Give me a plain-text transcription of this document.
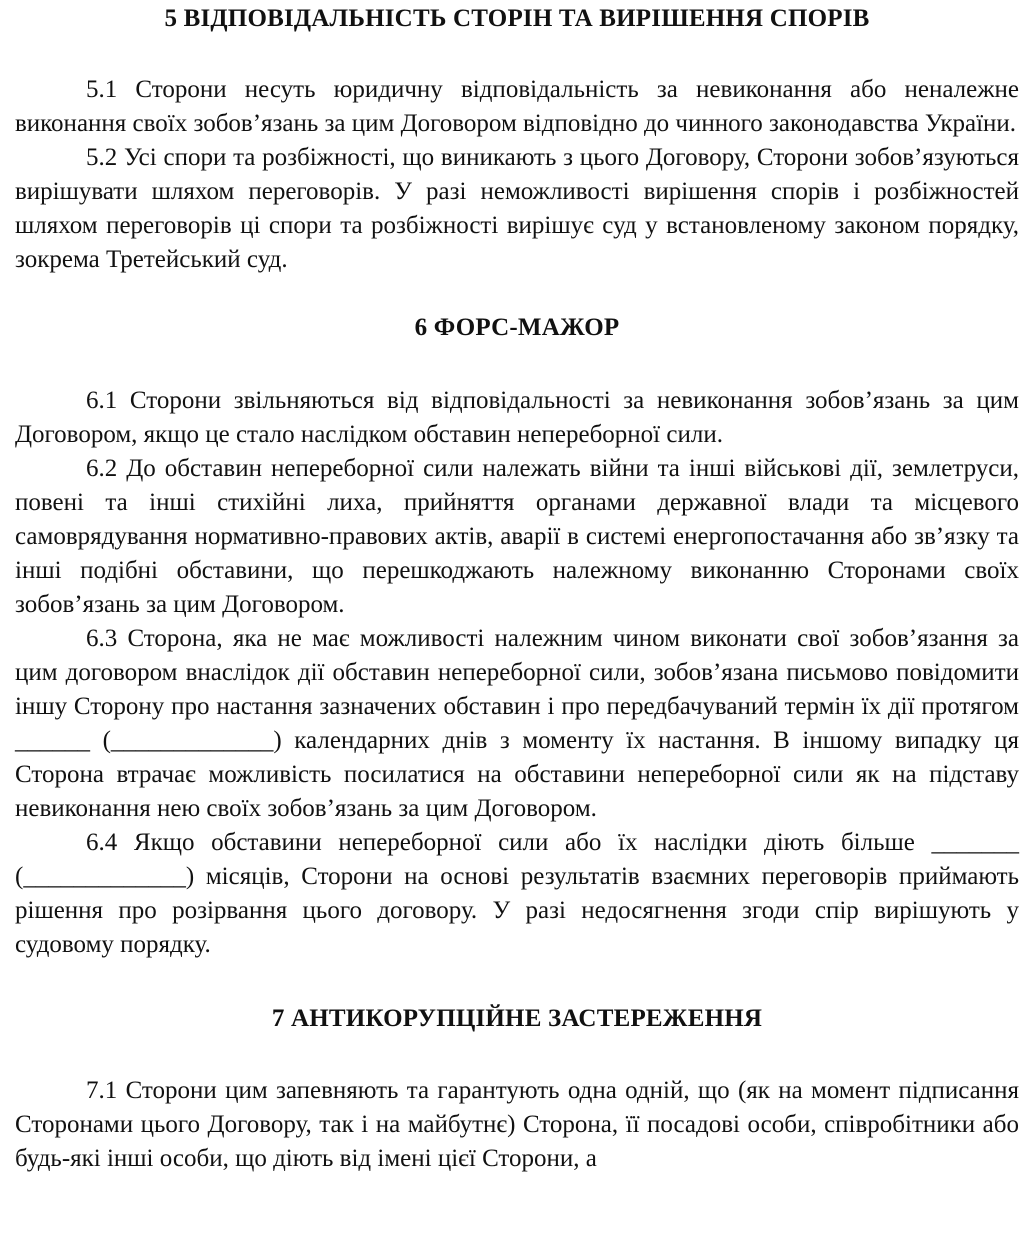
5 ВІДПОВІДАЛЬНІСТЬ СТОРІН ТА ВИРІШЕННЯ СПОРІВ

5.1 Сторони несуть юридичну відповідальність за невиконання або неналежне виконання своїх зобов’язань за цим Договором відповідно до чинного законодавства України.

5.2 Усі спори та розбіжності, що виникають з цього Договору, Сторони зобов’язуються вирішувати шляхом переговорів. У разі неможливості вирішення спорів і розбіжностей шляхом переговорів ці спори та розбіжності вирішує суд у встановленому законом порядку, зокрема Третейський суд.

6 ФОРС-МАЖОР

6.1 Сторони звільняються від відповідальності за невиконання зобов’язань за цим Договором, якщо це стало наслідком обставин непереборної сили.

6.2 До обставин непереборної сили належать війни та інші військові дії, землетруси, повені та інші стихійні лиха, прийняття органами державної влади та місцевого самоврядування нормативно-правових актів, аварії в системі енергопостачання або зв’язку та інші подібні обставини, що перешкоджають належному виконанню Сторонами своїх зобов’язань за цим Договором.

6.3 Сторона, яка не має можливості належним чином виконати свої зобов’язання за цим договором внаслідок дії обставин непереборної сили, зобов’язана письмово повідомити іншу Сторону про настання зазначених обставин і про передбачуваний термін їх дії протягом ______ (_____________) календарних днів з моменту їх настання. В іншому випадку ця Сторона втрачає можливість посилатися на обставини непереборної сили як на підставу невиконання нею своїх зобов’язань за цим Договором.

6.4 Якщо обставини непереборної сили або їх наслідки діють більше _______ (_____________) місяців, Сторони на основі результатів взаємних переговорів приймають рішення про розірвання цього договору. У разі недосягнення згоди спір вирішують у судовому порядку.

7 АНТИКОРУПЦІЙНЕ ЗАСТЕРЕЖЕННЯ

7.1 Сторони цим запевняють та гарантують одна одній, що (як на момент підписання Сторонами цього Договору, так і на майбутнє) Сторона, її посадові особи, співробітники або будь-які інші особи, що діють від імені цієї Сторони, а
